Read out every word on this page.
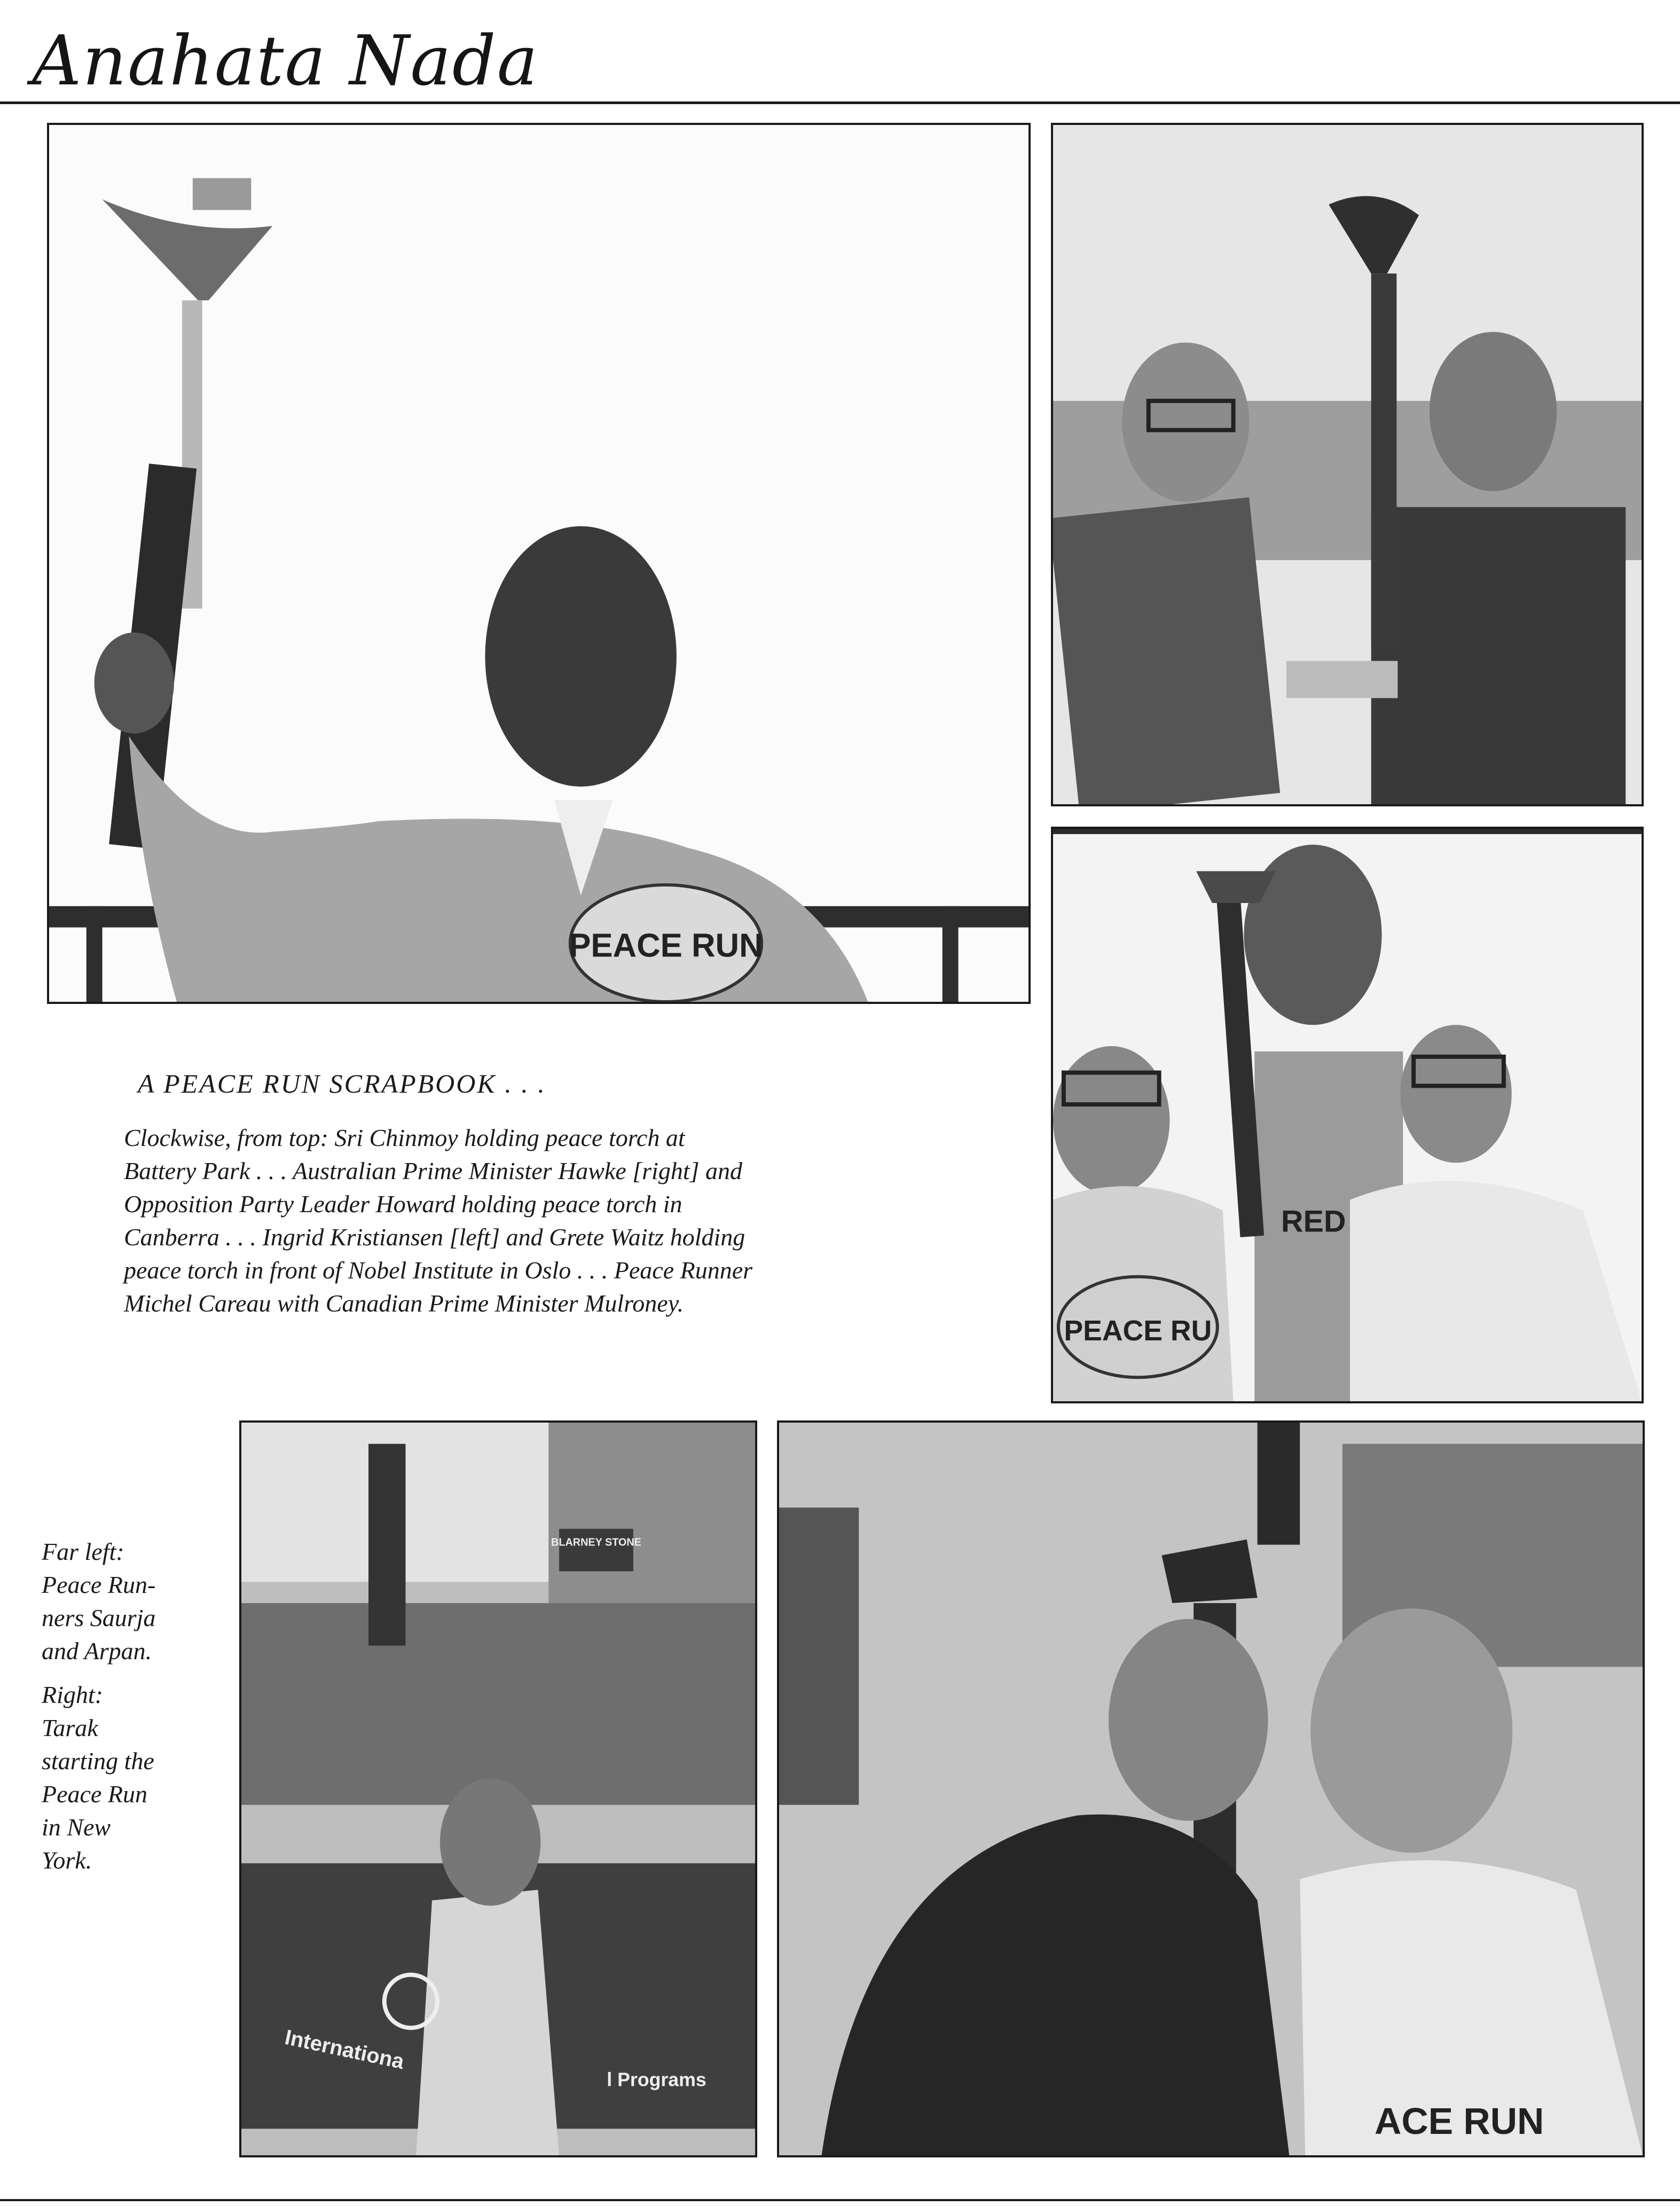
Anahata Nada
PEACE RUN
RED
PEACE RU
A PEACE RUN SCRAPBOOK . . .
Clockwise, from top: Sri Chinmoy holding peace torch at
Battery Park . . . Australian Prime Minister Hawke [right] and
Opposition Party Leader Howard holding peace torch in
Canberra . . . Ingrid Kristiansen [left] and Grete Waitz holding
peace torch in front of Nobel Institute in Oslo . . . Peace Runner
Michel Careau with Canadian Prime Minister Mulroney.
BLARNEY STONE
Internationa
l Programs
ACE RUN
Far left:
Peace Run-
ners Saurja
and Arpan.
Right:
Tarak
starting the
Peace Run
in New
York.
